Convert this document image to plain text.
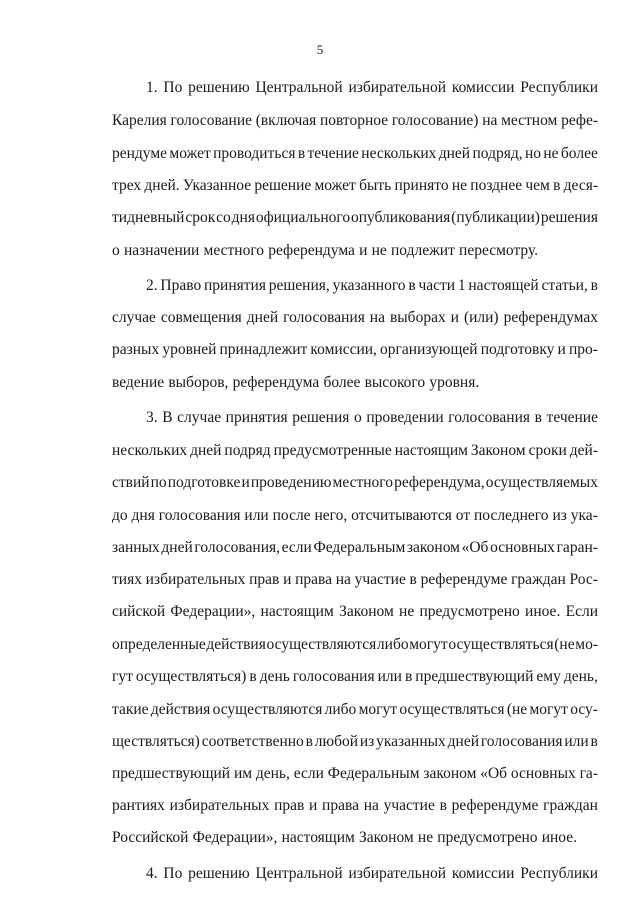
5
1. По решению Центральной избирательной комиссии Республики
Карелия голосование (включая повторное голосование) на местном рефе-
рендуме может проводиться в течение нескольких дней подряд, но не более
трех дней. Указанное решение может быть принято не позднее чем в деся-
тидневный срок со дня официального опубликования (публикации) решения
о назначении местного референдума и не подлежит пересмотру.
2. Право принятия решения, указанного в части 1 настоящей статьи, в
случае совмещения дней голосования на выборах и (или) референдумах
разных уровней принадлежит комиссии, организующей подготовку и про-
ведение выборов, референдума более высокого уровня.
3. В случае принятия решения о проведении голосования в течение
нескольких дней подряд предусмотренные настоящим Законом сроки дей-
ствий по подготовке и проведению местного референдума, осуществляемых
до дня голосования или после него, отсчитываются от последнего из ука-
занных дней голосования, если Федеральным законом «Об основных гаран-
тиях избирательных прав и права на участие в референдуме граждан Рос-
сийской Федерации», настоящим Законом не предусмотрено иное. Если
определенные действия осуществляются либо могут осуществляться (не мо-
гут осуществляться) в день голосования или в предшествующий ему день,
такие действия осуществляются либо могут осуществляться (не могут осу-
ществляться) соответственно в любой из указанных дней голосования или в
предшествующий им день, если Федеральным законом «Об основных га-
рантиях избирательных прав и права на участие в референдуме граждан
Российской Федерации», настоящим Законом не предусмотрено иное.
4. По решению Центральной избирательной комиссии Республики
